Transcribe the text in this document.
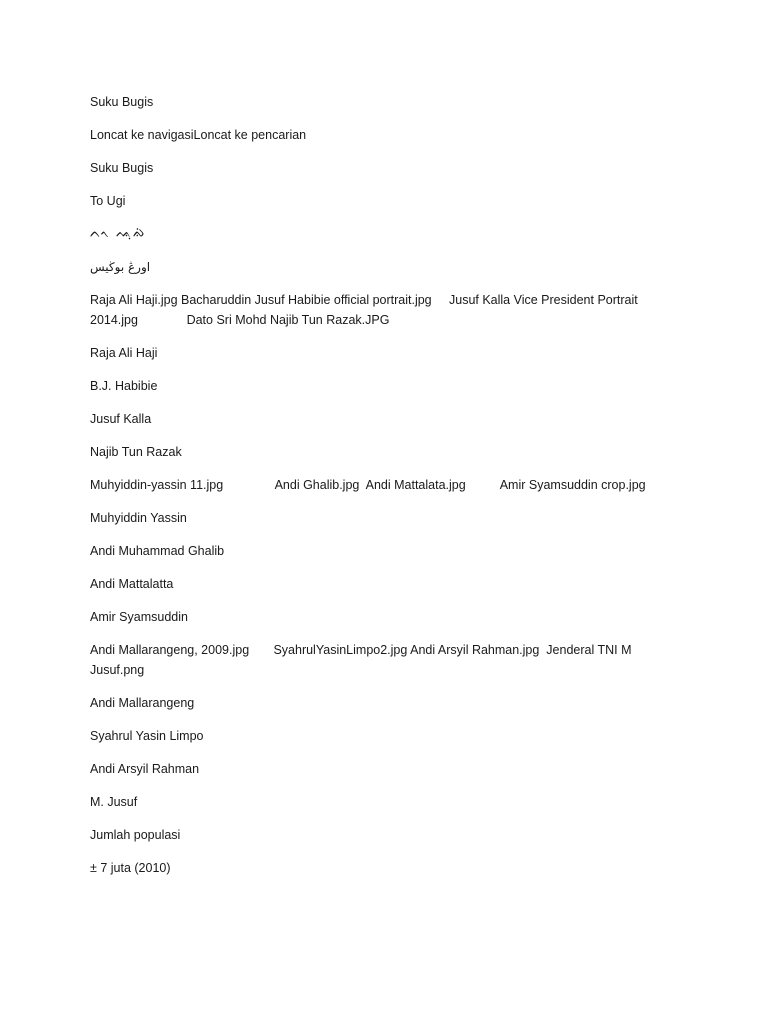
Suku Bugis

Loncat ke navigasiLoncat ke pencarian

Suku Bugis

To Ugi

ᨈᨚ ᨕᨘᨁᨗ

اورڠ بوڬيس

Raja Ali Haji.jpg Bacharuddin Jusuf Habibie official portrait.jpg     Jusuf Kalla Vice President Portrait 2014.jpg              Dato Sri Mohd Najib Tun Razak.JPG

Raja Ali Haji

B.J. Habibie

Jusuf Kalla

Najib Tun Razak

Muhyiddin-yassin 11.jpg               Andi Ghalib.jpg  Andi Mattalata.jpg          Amir Syamsuddin crop.jpg

Muhyiddin Yassin

Andi Muhammad Ghalib

Andi Mattalatta

Amir Syamsuddin

Andi Mallarangeng, 2009.jpg       SyahrulYasinLimpo2.jpg Andi Arsyil Rahman.jpg  Jenderal TNI M Jusuf.png

Andi Mallarangeng

Syahrul Yasin Limpo

Andi Arsyil Rahman

M. Jusuf

Jumlah populasi

± 7 juta (2010)
